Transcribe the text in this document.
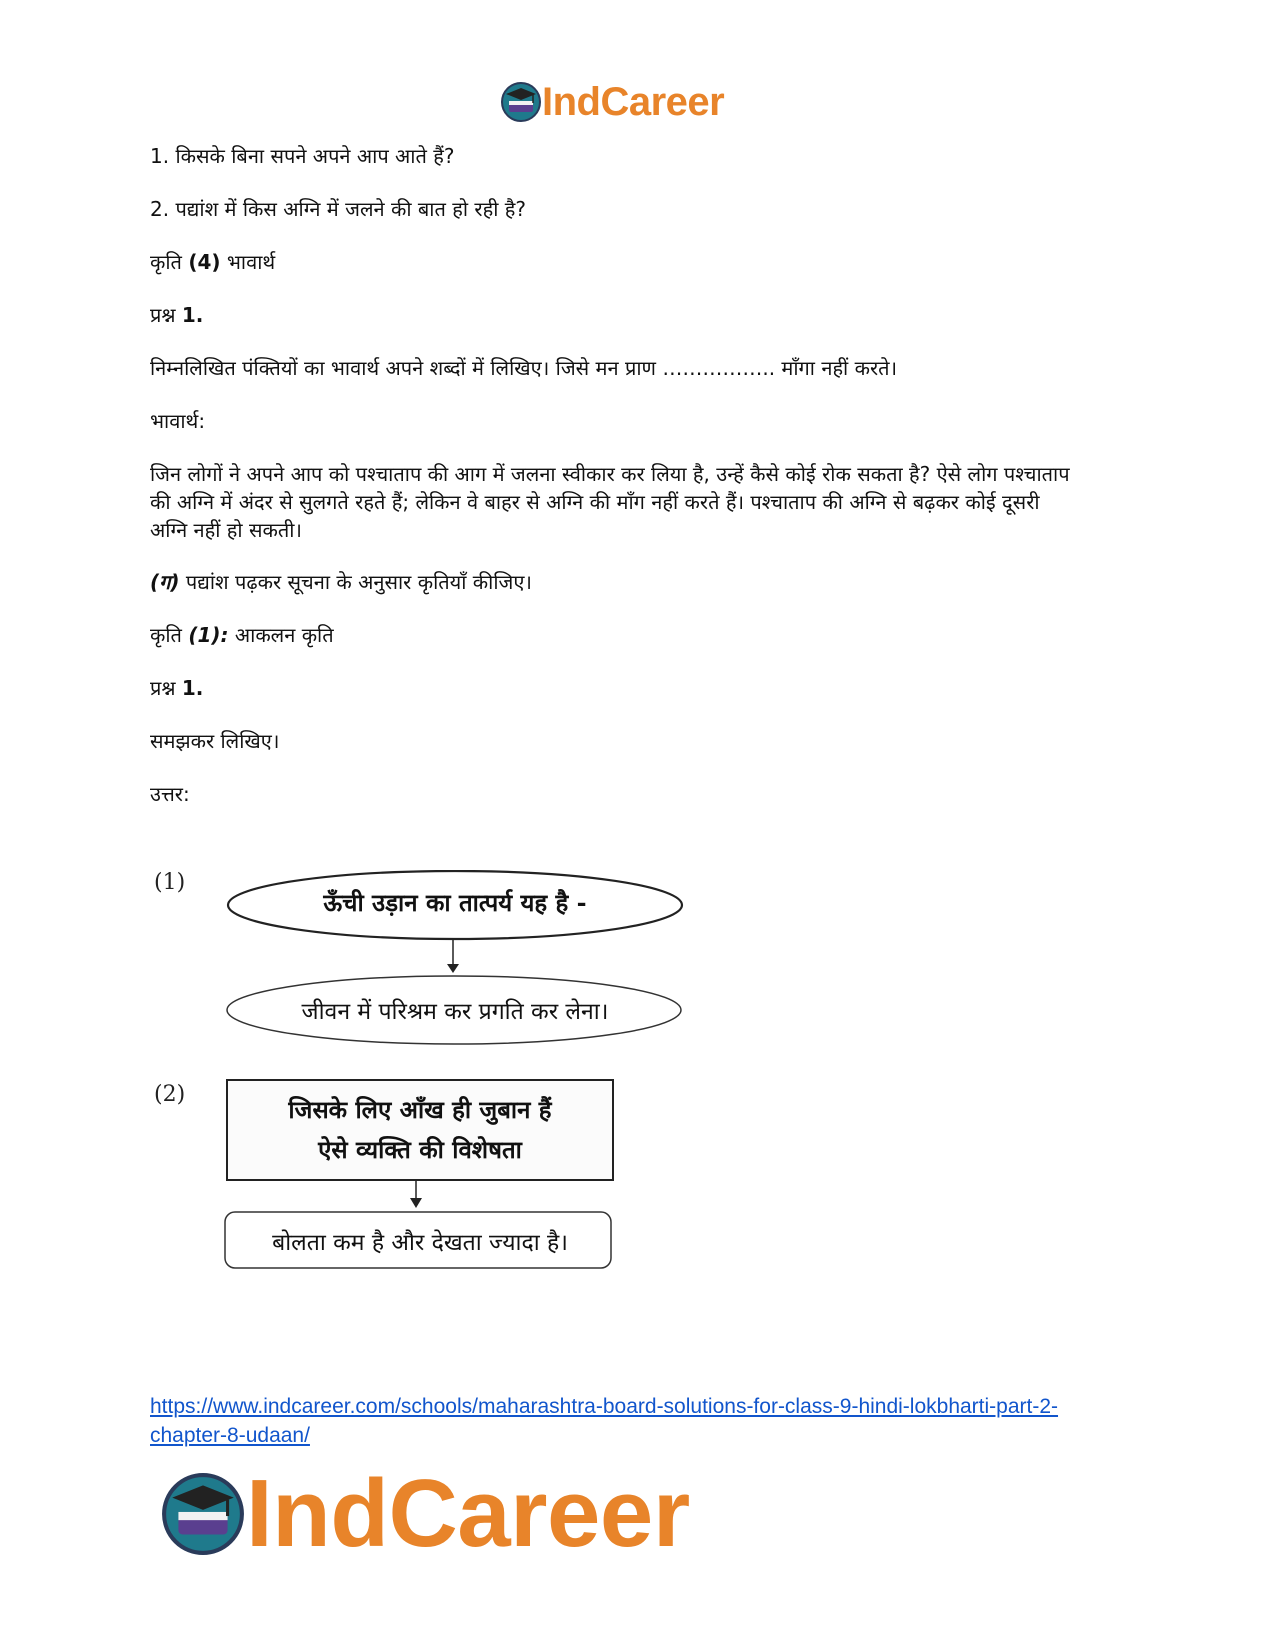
IndCareer
1. किसके बिना सपने अपने आप आते हैं?
2. पद्यांश में किस अग्नि में जलने की बात हो रही है?
कृति (4) भावार्थ
प्रश्न 1.
निम्नलिखित पंक्तियों का भावार्थ अपने शब्दों में लिखिए। जिसे मन प्राण …………….. माँगा नहीं करते।
भावार्थ:
जिन लोगों ने अपने आप को पश्चाताप की आग में जलना स्वीकार कर लिया है, उन्हें कैसे कोई रोक सकता है? ऐसे लोग पश्चाताप की अग्नि में अंदर से सुलगते रहते हैं; लेकिन वे बाहर से अग्नि की माँग नहीं करते हैं। पश्चाताप की अग्नि से बढ़कर कोई दूसरी अग्नि नहीं हो सकती।
(ग) पद्यांश पढ़कर सूचना के अनुसार कृतियाँ कीजिए।
कृति (1): आकलन कृति
प्रश्न 1.
समझकर लिखिए।
उत्तर:
(1)
ऊँची उड़ान का तात्पर्य यह है -
जीवन में परिश्रम कर प्रगति कर लेना।
(2)
जिसके लिए आँख ही जुबान हैं
ऐसे व्यक्ति की विशेषता
बोलता कम है और देखता ज्यादा है।
https://www.indcareer.com/schools/maharashtra-board-solutions-for-class-9-hindi-lokbharti-part-2-chapter-8-udaan/
IndCareer
